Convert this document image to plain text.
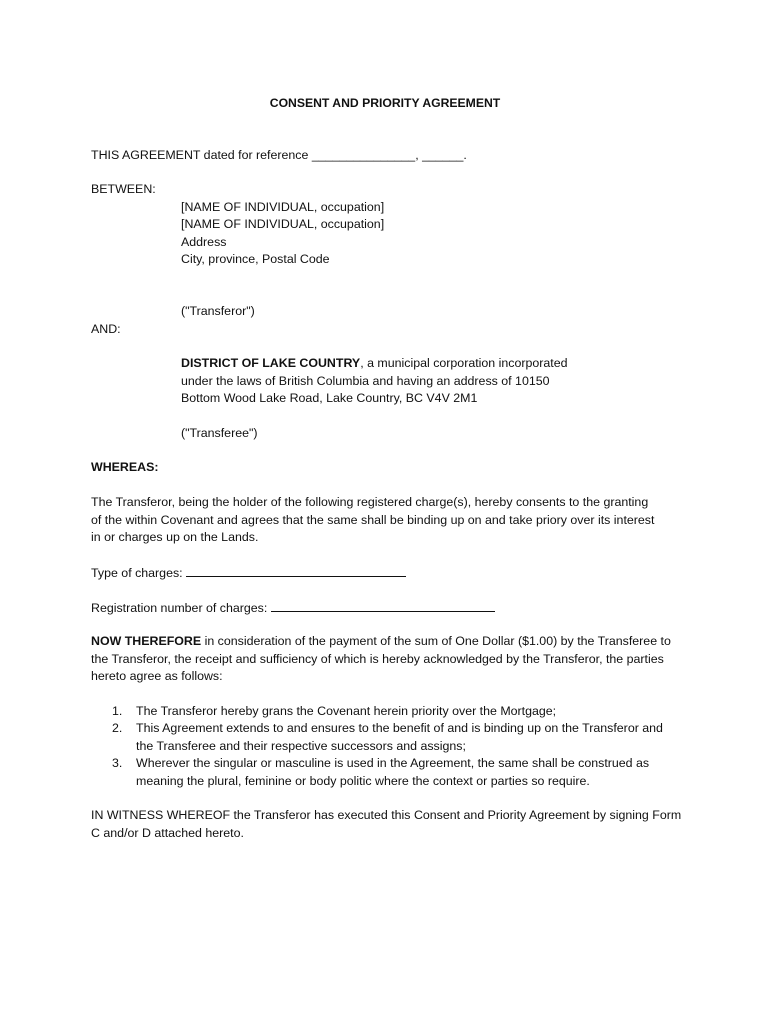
CONSENT AND PRIORITY AGREEMENT
THIS AGREEMENT dated for reference _______________, ______.
BETWEEN:
[NAME OF INDIVIDUAL, occupation]
[NAME OF INDIVIDUAL, occupation]
Address
City, province, Postal Code
("Transferor")
AND:
DISTRICT OF LAKE COUNTRY, a municipal corporation incorporated
under the laws of British Columbia and having an address of 10150
Bottom Wood Lake Road, Lake Country, BC V4V 2M1
("Transferee")
WHEREAS:
The Transferor, being the holder of the following registered charge(s), hereby consents to the granting
of the within Covenant and agrees that the same shall be binding up on and take priory over its interest
in or charges up on the Lands.
Type of charges:
Registration number of charges:
NOW THEREFORE in consideration of the payment of the sum of One Dollar ($1.00) by the Transferee to
the Transferor, the receipt and sufficiency of which is hereby acknowledged by the Transferor, the parties
hereto agree as follows:
1. The Transferor hereby grans the Covenant herein priority over the Mortgage;
2. This Agreement extends to and ensures to the benefit of and is binding up on the Transferor and
the Transferee and their respective successors and assigns;
3. Wherever the singular or masculine is used in the Agreement, the same shall be construed as
meaning the plural, feminine or body politic where the context or parties so require.
IN WITNESS WHEREOF the Transferor has executed this Consent and Priority Agreement by signing Form
C and/or D attached hereto.
